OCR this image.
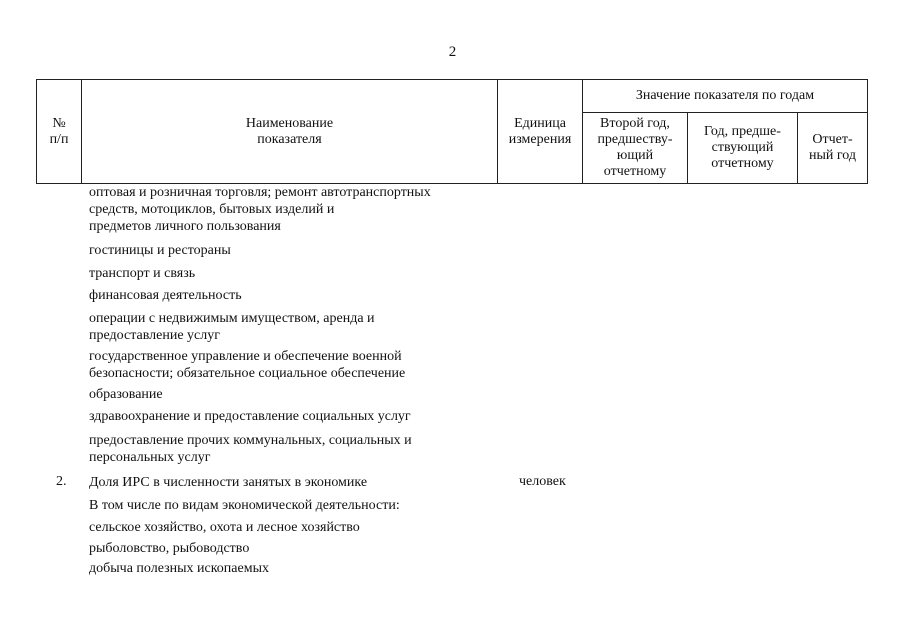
2
№
п/п
Наименование
показателя
Единица
измерения
Значение показателя по годам
Второй год,
предшеству-
ющий
отчетному
Год, предше-
ствующий
отчетному
Отчет-
ный год
оптовая и розничная торговля; ремонт автотранспортных
средств, мотоциклов, бытовых изделий и
предметов личного пользования
гостиницы и рестораны
транспорт и связь
финансовая деятельность
операции с недвижимым имуществом, аренда и
предоставление услуг
государственное управление и обеспечение военной
безопасности; обязательное социальное обеспечение
образование
здравоохранение и предоставление социальных услуг
предоставление прочих коммунальных, социальных и
персональных услуг
2. Доля ИРС в численности занятых в экономике	человек
В том числе по видам экономической деятельности:
сельское хозяйство, охота и лесное хозяйство
рыболовство, рыбоводство
добыча полезных ископаемых
